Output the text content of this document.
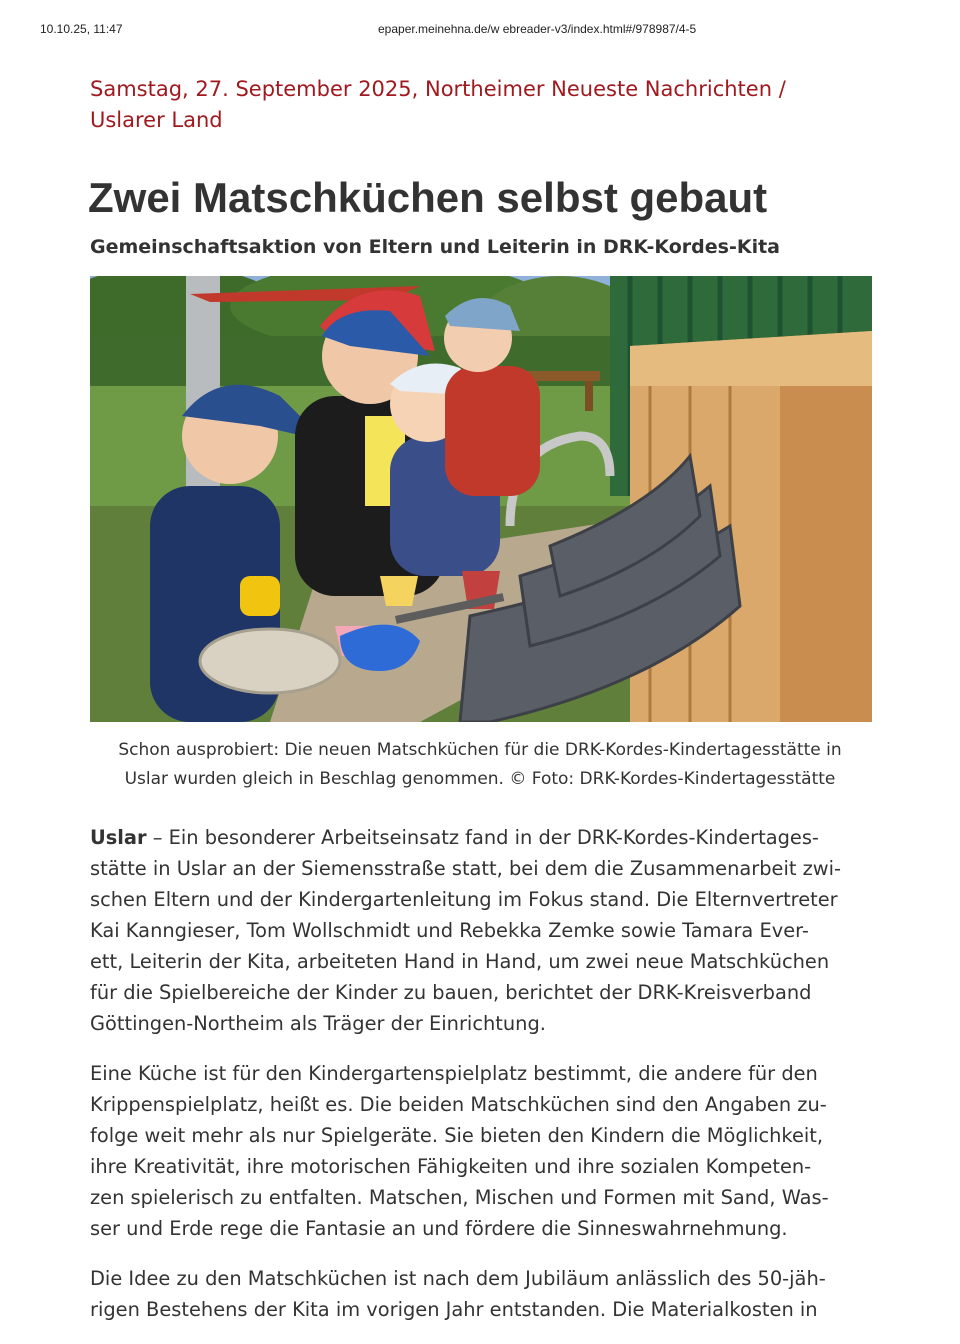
10.10.25, 11:47	epaper.meinehna.de/w ebreader-v3/index.html#/978987/4-5
Samstag, 27. September 2025, Northeimer Neueste Nachrichten / Uslarer Land
Zwei Matschküchen selbst gebaut
Gemeinschaftsaktion von Eltern und Leiterin in DRK-Kordes-Kita
Schon ausprobiert: Die neuen Matschküchen für die DRK-Kordes-Kindertagesstätte in
Uslar wurden gleich in Beschlag genommen. © Foto: DRK-Kordes-Kindertagesstätte

Uslar – Ein besonderer Arbeitseinsatz fand in der DRK-Kordes-Kindertages-
stätte in Uslar an der Siemensstraße statt, bei dem die Zusammenarbeit zwi-
schen Eltern und der Kindergartenleitung im Fokus stand. Die Elternvertreter
Kai Kanngieser, Tom Wollschmidt und Rebekka Zemke sowie Tamara Ever-
ett, Leiterin der Kita, arbeiteten Hand in Hand, um zwei neue Matschküchen
für die Spielbereiche der Kinder zu bauen, berichtet der DRK-Kreisverband
Göttingen-Northeim als Träger der Einrichtung.

Eine Küche ist für den Kindergartenspielplatz bestimmt, die andere für den
Krippenspielplatz, heißt es. Die beiden Matschküchen sind den Angaben zu-
folge weit mehr als nur Spielgeräte. Sie bieten den Kindern die Möglichkeit,
ihre Kreativität, ihre motorischen Fähigkeiten und ihre sozialen Kompeten-
zen spielerisch zu entfalten. Matschen, Mischen und Formen mit Sand, Was-
ser und Erde rege die Fantasie an und fördere die Sinneswahrnehmung.

Die Idee zu den Matschküchen ist nach dem Jubiläum anlässlich des 50-jäh-
rigen Bestehens der Kita im vorigen Jahr entstanden. Die Materialkosten in
